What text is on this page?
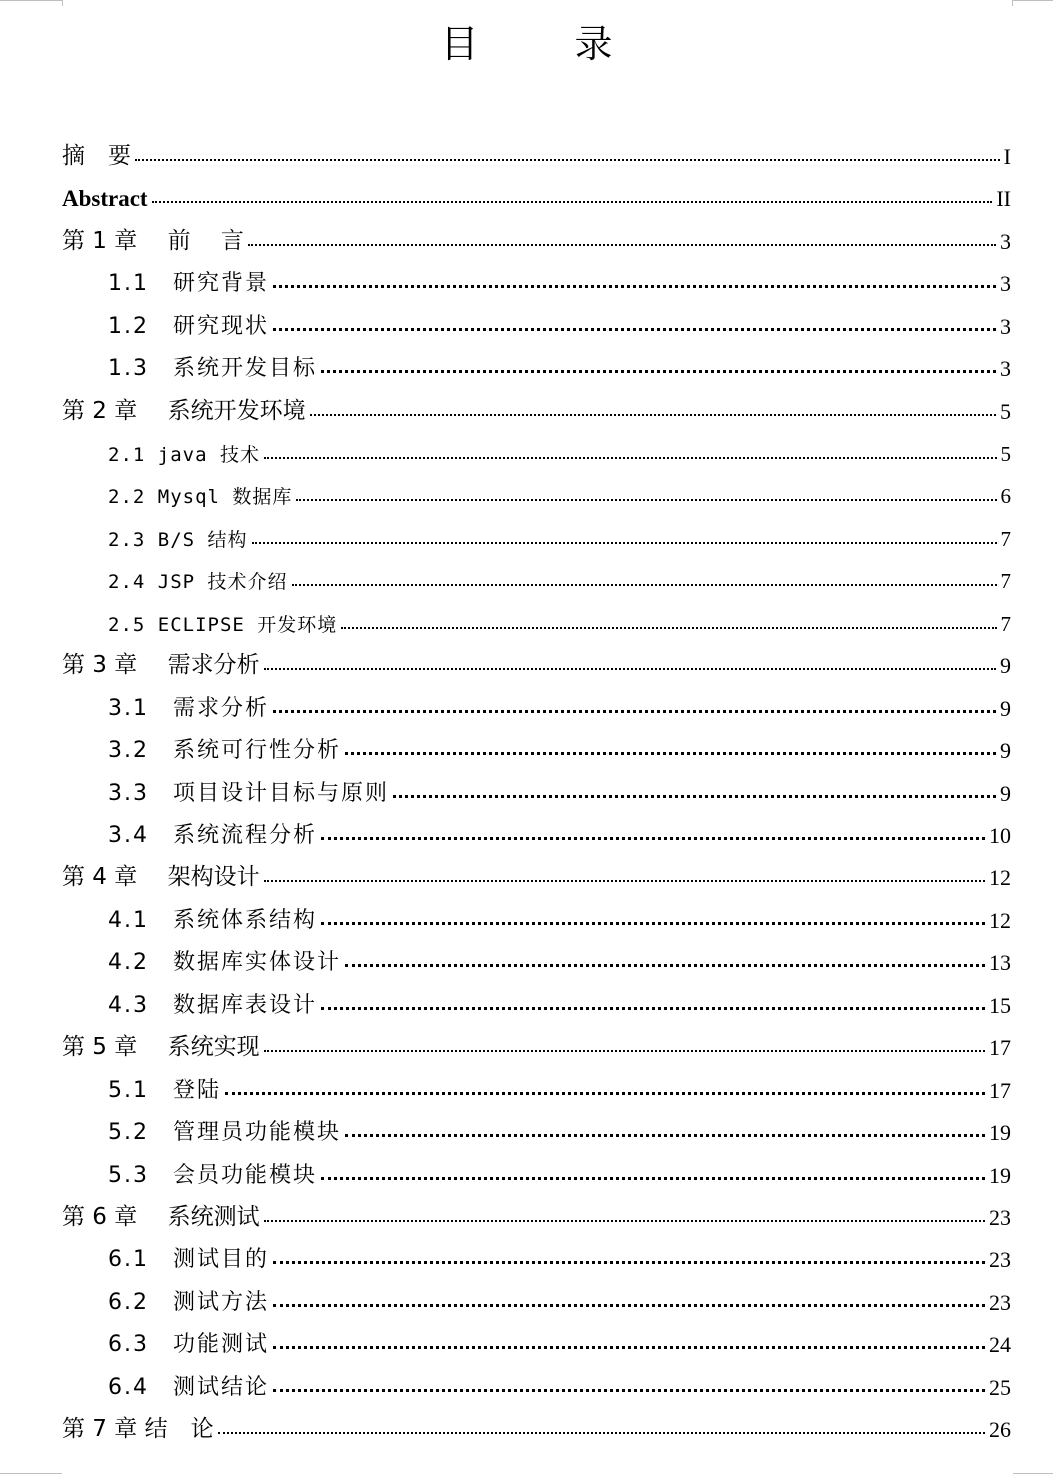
目录
摘　要	I
Abstract	II
第 1 章　 前　 言	3
1.1　研究背景	3
1.2　研究现状	3
1.3　系统开发目标	3
第 2 章　 系统开发环境	5
2.1 java 技术	5
2.2 Mysql 数据库	6
2.3 B/S 结构	7
2.4 JSP 技术介绍	7
2.5 ECLIPSE 开发环境	7
第 3 章　 需求分析	9
3.1　需求分析	9
3.2　系统可行性分析	9
3.3　项目设计目标与原则	9
3.4　系统流程分析	10
第 4 章　 架构设计	12
4.1　系统体系结构	12
4.2　数据库实体设计	13
4.3　数据库表设计	15
第 5 章　 系统实现	17
5.1　登陆	17
5.2　管理员功能模块	19
5.3　会员功能模块	19
第 6 章　 系统测试	23
6.1　测试目的	23
6.2　测试方法	23
6.3　功能测试	24
6.4　测试结论	25
第 7 章 结　论	26
